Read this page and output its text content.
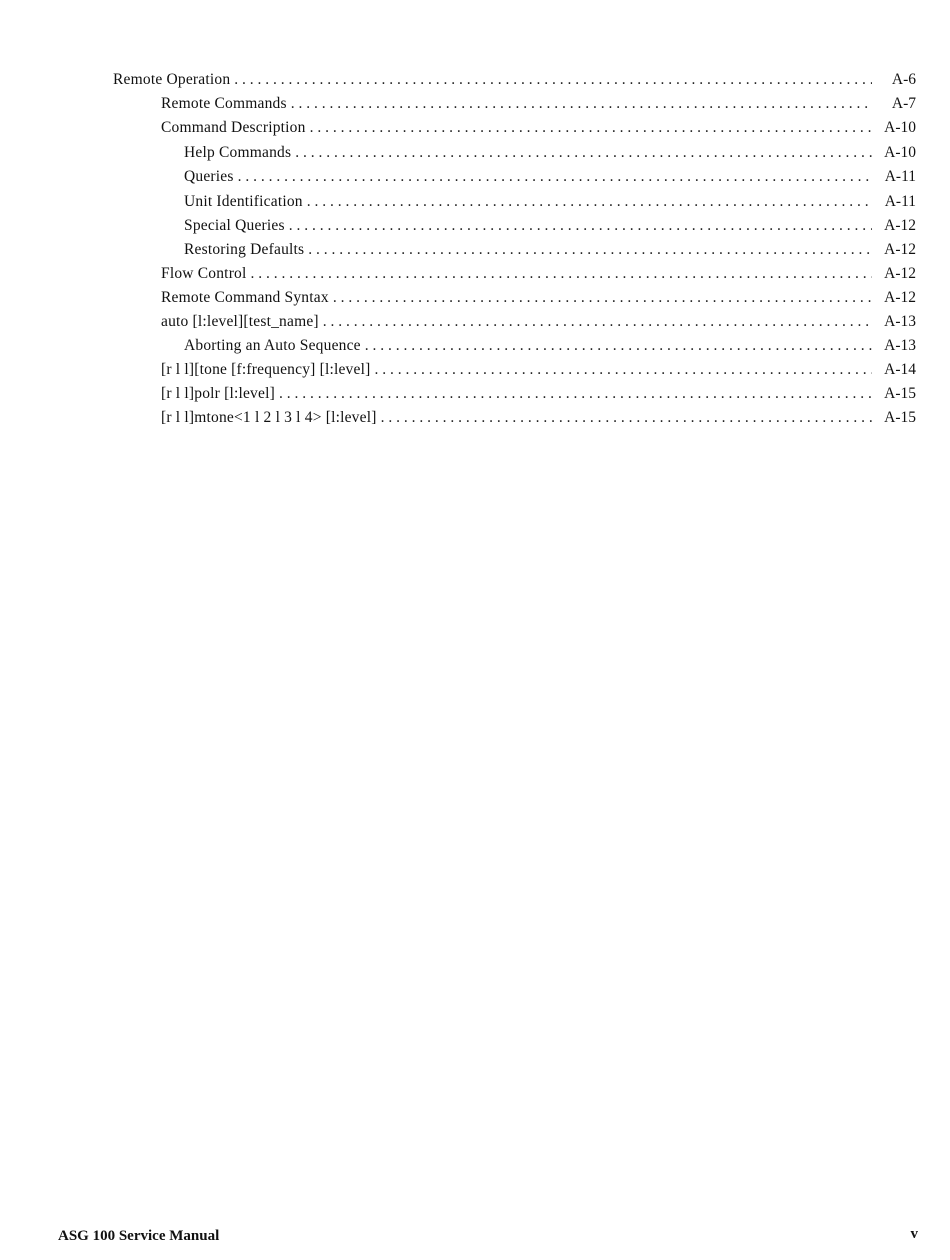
Remote Operation . . .	A-6
Remote Commands . . .	A-7
Command Description . . .	A-10
Help Commands . . .	A-10
Queries . . .	A-11
Unit Identification . . .	A-11
Special Queries . . .	A-12
Restoring Defaults . . .	A-12
Flow Control . . .	A-12
Remote Command Syntax . . .	A-12
auto [l:level][test_name] . . .	A-13
Aborting an Auto Sequence . . .	A-13
[r l l][tone [f:frequency] [l:level] . . .	A-14
[r l l]polr [l:level] . . .	A-15
[r l l]mtone<1 l 2 l 3 l 4> [l:level] . . .	A-15
ASG 100 Service Manual	v
